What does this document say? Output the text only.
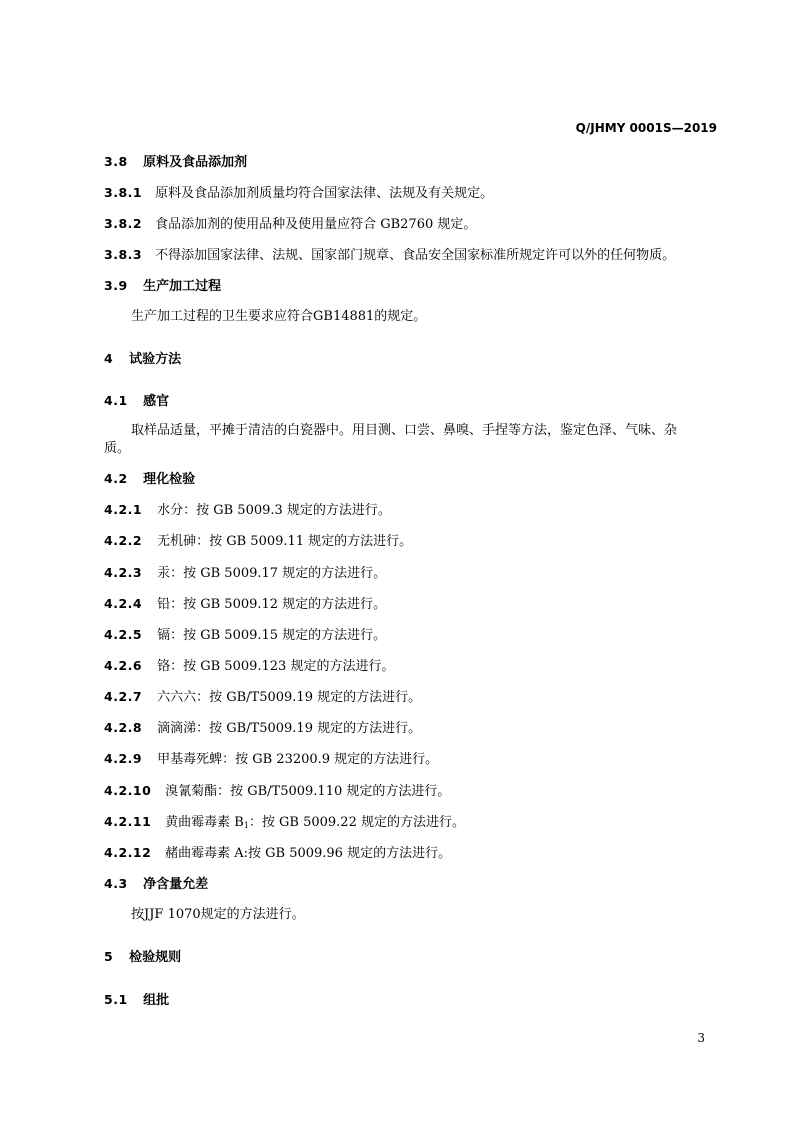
Q/JHMY 0001S—2019
3.8 原料及食品添加剂
3.8.1 原料及食品添加剂质量均符合国家法律、法规及有关规定。
3.8.2 食品添加剂的使用品种及使用量应符合 GB2760 规定。
3.8.3 不得添加国家法律、法规、国家部门规章、食品安全国家标准所规定许可以外的任何物质。
3.9 生产加工过程
生产加工过程的卫生要求应符合GB14881的规定。
4 试验方法
4.1 感官
取样品适量，平摊于清洁的白瓷器中。用目测、口尝、鼻嗅、手捏等方法，鉴定色泽、气味、杂
质。
4.2 理化检验
4.2.1 水分：按 GB 5009.3 规定的方法进行。
4.2.2 无机砷：按 GB 5009.11 规定的方法进行。
4.2.3 汞：按 GB 5009.17 规定的方法进行。
4.2.4 铅：按 GB 5009.12 规定的方法进行。
4.2.5 镉：按 GB 5009.15 规定的方法进行。
4.2.6 铬：按 GB 5009.123 规定的方法进行。
4.2.7 六六六：按 GB/T5009.19 规定的方法进行。
4.2.8 滴滴涕：按 GB/T5009.19 规定的方法进行。
4.2.9 甲基毒死蜱：按 GB 23200.9 规定的方法进行。
4.2.10 溴氰菊酯：按 GB/T5009.110 规定的方法进行。
4.2.11 黄曲霉毒素 $B_1$：按 GB 5009.22 规定的方法进行。
4.2.12 赭曲霉毒素 A:按 GB 5009.96 规定的方法进行。
4.3 净含量允差
按JJF 1070规定的方法进行。
5 检验规则
5.1 组批
3
